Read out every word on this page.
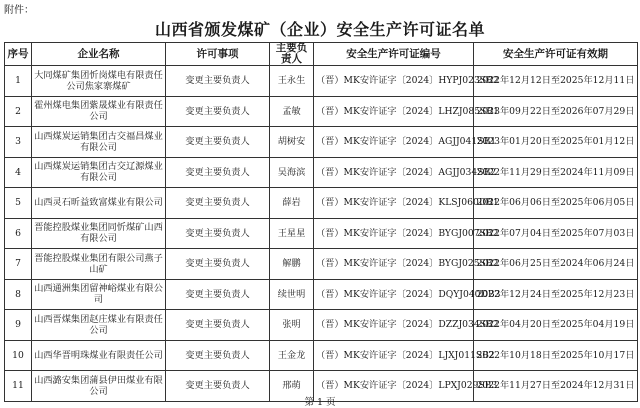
附件：
山西省颁发煤矿（企业）安全生产许可证名单
序号	企业名称	许可事项	主要负责人	安全生产许可证编号	安全生产许可证有效期
1	大同煤矿集团忻岗煤电有限责任公司焦家寨煤矿	变更主要负责人	王永生	（晋）MK安许证字〔2024〕HYPJ023SB2	2022年12月12日至2025年12月11日
2	霍州煤电集团紫晟煤业有限责任公司	变更主要负责人	孟敏	（晋）MK安许证字〔2024〕LHZJ085SB1	2023年09月22日至2026年07月29日
3	山西煤炭运销集团古交福昌煤业有限公司	变更主要负责人	胡树安	（晋）MK安许证字〔2024〕AGJJ041SB1	2023年01月20日至2025年01月12日
4	山西煤炭运销集团古交辽源煤业有限公司	变更主要负责人	吴海滨	（晋）MK安许证字〔2024〕AGJJ034SB2	2022年11月29日至2024年11月09日
5	山西灵石昕益致富煤业有限公司	变更主要负责人	薛岩	（晋）MK安许证字〔2024〕KLSJ060DB1	2022年06月06日至2025年06月05日
6	晋能控股煤业集团同忻煤矿山西有限公司	变更主要负责人	王星星	（晋）MK安许证字〔2024〕BYGJ007SB2	2022年07月04日至2025年07月03日
7	晋能控股煤业集团有限公司燕子山矿	变更主要负责人	解鹏	（晋）MK安许证字〔2024〕BYGJ025SB2	2022年06月25日至2024年06月24日
8	山西通洲集团留神峪煤业有限公司	变更主要负责人	续世明	（晋）MK安许证字〔2024〕DQYJ040DB3	2022年12月24日至2025年12月23日
9	山西晋煤集团赵庄煤业有限责任公司	变更主要负责人	张明	（晋）MK安许证字〔2024〕DZZJ034SB2	2022年04月20日至2025年04月19日
10	山西华晋明珠煤业有限责任公司	变更主要负责人	王金龙	（晋）MK安许证字〔2024〕LJXJ011SB2	2022年10月18日至2025年10月17日
11	山西潞安集团蒲县伊田煤业有限公司	变更主要负责人	邢萌	（晋）MK安许证字〔2024〕LPXJ029SB3	2022年11月27日至2024年12月31日
第 1 页
